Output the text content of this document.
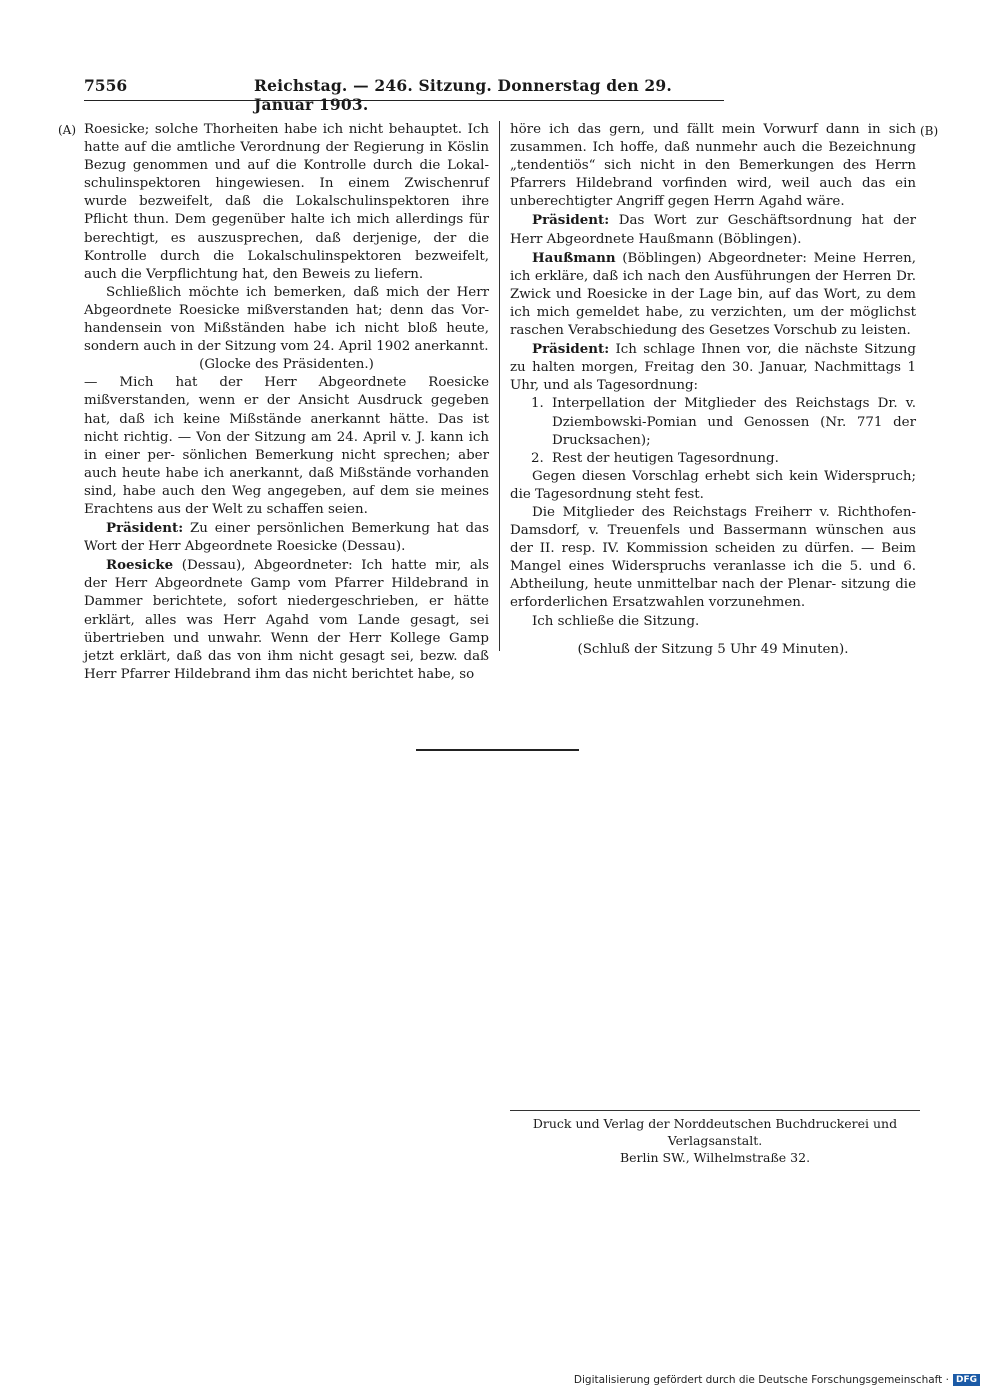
7556	Reichstag. — 246. Sitzung. Donnerstag den 29. Januar 1903.
(A)	(B)

Roesicke; solche Thorheiten habe ich nicht behauptet. Ich hatte auf die amtliche Verordnung der Regierung in Köslin Bezug genommen und auf die Kontrolle durch die Lokal- schulinspektoren hingewiesen. In einem Zwischenruf wurde bezweifelt, daß die Lokalschulinspektoren ihre Pflicht thun. Dem gegenüber halte ich mich allerdings für berechtigt, es auszusprechen, daß derjenige, der die Kontrolle durch die Lokalschulinspektoren bezweifelt, auch die Verpflichtung hat, den Beweis zu liefern.

Schließlich möchte ich bemerken, daß mich der Herr Abgeordnete Roesicke mißverstanden hat; denn das Vor- handensein von Mißständen habe ich nicht bloß heute, sondern auch in der Sitzung vom 24. April 1902 anerkannt.

(Glocke des Präsidenten.)

— Mich hat der Herr Abgeordnete Roesicke mißverstanden, wenn er der Ansicht Ausdruck gegeben hat, daß ich keine Mißstände anerkannt hätte. Das ist nicht richtig. — Von der Sitzung am 24. April v. J. kann ich in einer per- sönlichen Bemerkung nicht sprechen; aber auch heute habe ich anerkannt, daß Mißstände vorhanden sind, habe auch den Weg angegeben, auf dem sie meines Erachtens aus der Welt zu schaffen seien.

Präsident: Zu einer persönlichen Bemerkung hat das Wort der Herr Abgeordnete Roesicke (Dessau).

Roesicke (Dessau), Abgeordneter: Ich hatte mir, als der Herr Abgeordnete Gamp vom Pfarrer Hildebrand in Dammer berichtete, sofort niedergeschrieben, er hätte erklärt, alles was Herr Agahd vom Lande gesagt, sei übertrieben und unwahr. Wenn der Herr Kollege Gamp jetzt erklärt, daß das von ihm nicht gesagt sei, bezw. daß Herr Pfarrer Hildebrand ihm das nicht berichtet habe, so

höre ich das gern, und fällt mein Vorwurf dann in sich zusammen. Ich hoffe, daß nunmehr auch die Bezeichnung „tendentiös“ sich nicht in den Bemerkungen des Herrn Pfarrers Hildebrand vorfinden wird, weil auch das ein unberechtigter Angriff gegen Herrn Agahd wäre.

Präsident: Das Wort zur Geschäftsordnung hat der Herr Abgeordnete Haußmann (Böblingen).

Haußmann (Böblingen) Abgeordneter: Meine Herren, ich erkläre, daß ich nach den Ausführungen der Herren Dr. Zwick und Roesicke in der Lage bin, auf das Wort, zu dem ich mich gemeldet habe, zu verzichten, um der möglichst raschen Verabschiedung des Gesetzes Vorschub zu leisten.

Präsident: Ich schlage Ihnen vor, die nächste Sitzung zu halten morgen, Freitag den 30. Januar, Nachmittags 1 Uhr, und als Tagesordnung:

1. Interpellation der Mitglieder des Reichstags Dr. v. Dziembowski-Pomian und Genossen (Nr. 771 der Drucksachen);
2. Rest der heutigen Tagesordnung.

Gegen diesen Vorschlag erhebt sich kein Widerspruch; die Tagesordnung steht fest.

Die Mitglieder des Reichstags Freiherr v. Richthofen- Damsdorf, v. Treuenfels und Bassermann wünschen aus der II. resp. IV. Kommission scheiden zu dürfen. — Beim Mangel eines Widerspruchs veranlasse ich die 5. und 6. Abtheilung, heute unmittelbar nach der Plenar- sitzung die erforderlichen Ersatzwahlen vorzunehmen.

Ich schließe die Sitzung.

(Schluß der Sitzung 5 Uhr 49 Minuten).

Druck und Verlag der Norddeutschen Buchdruckerei und Verlagsanstalt.
Berlin SW., Wilhelmstraße 32.
Digitalisierung gefördert durch die Deutsche Forschungsgemeinschaft · DFG
